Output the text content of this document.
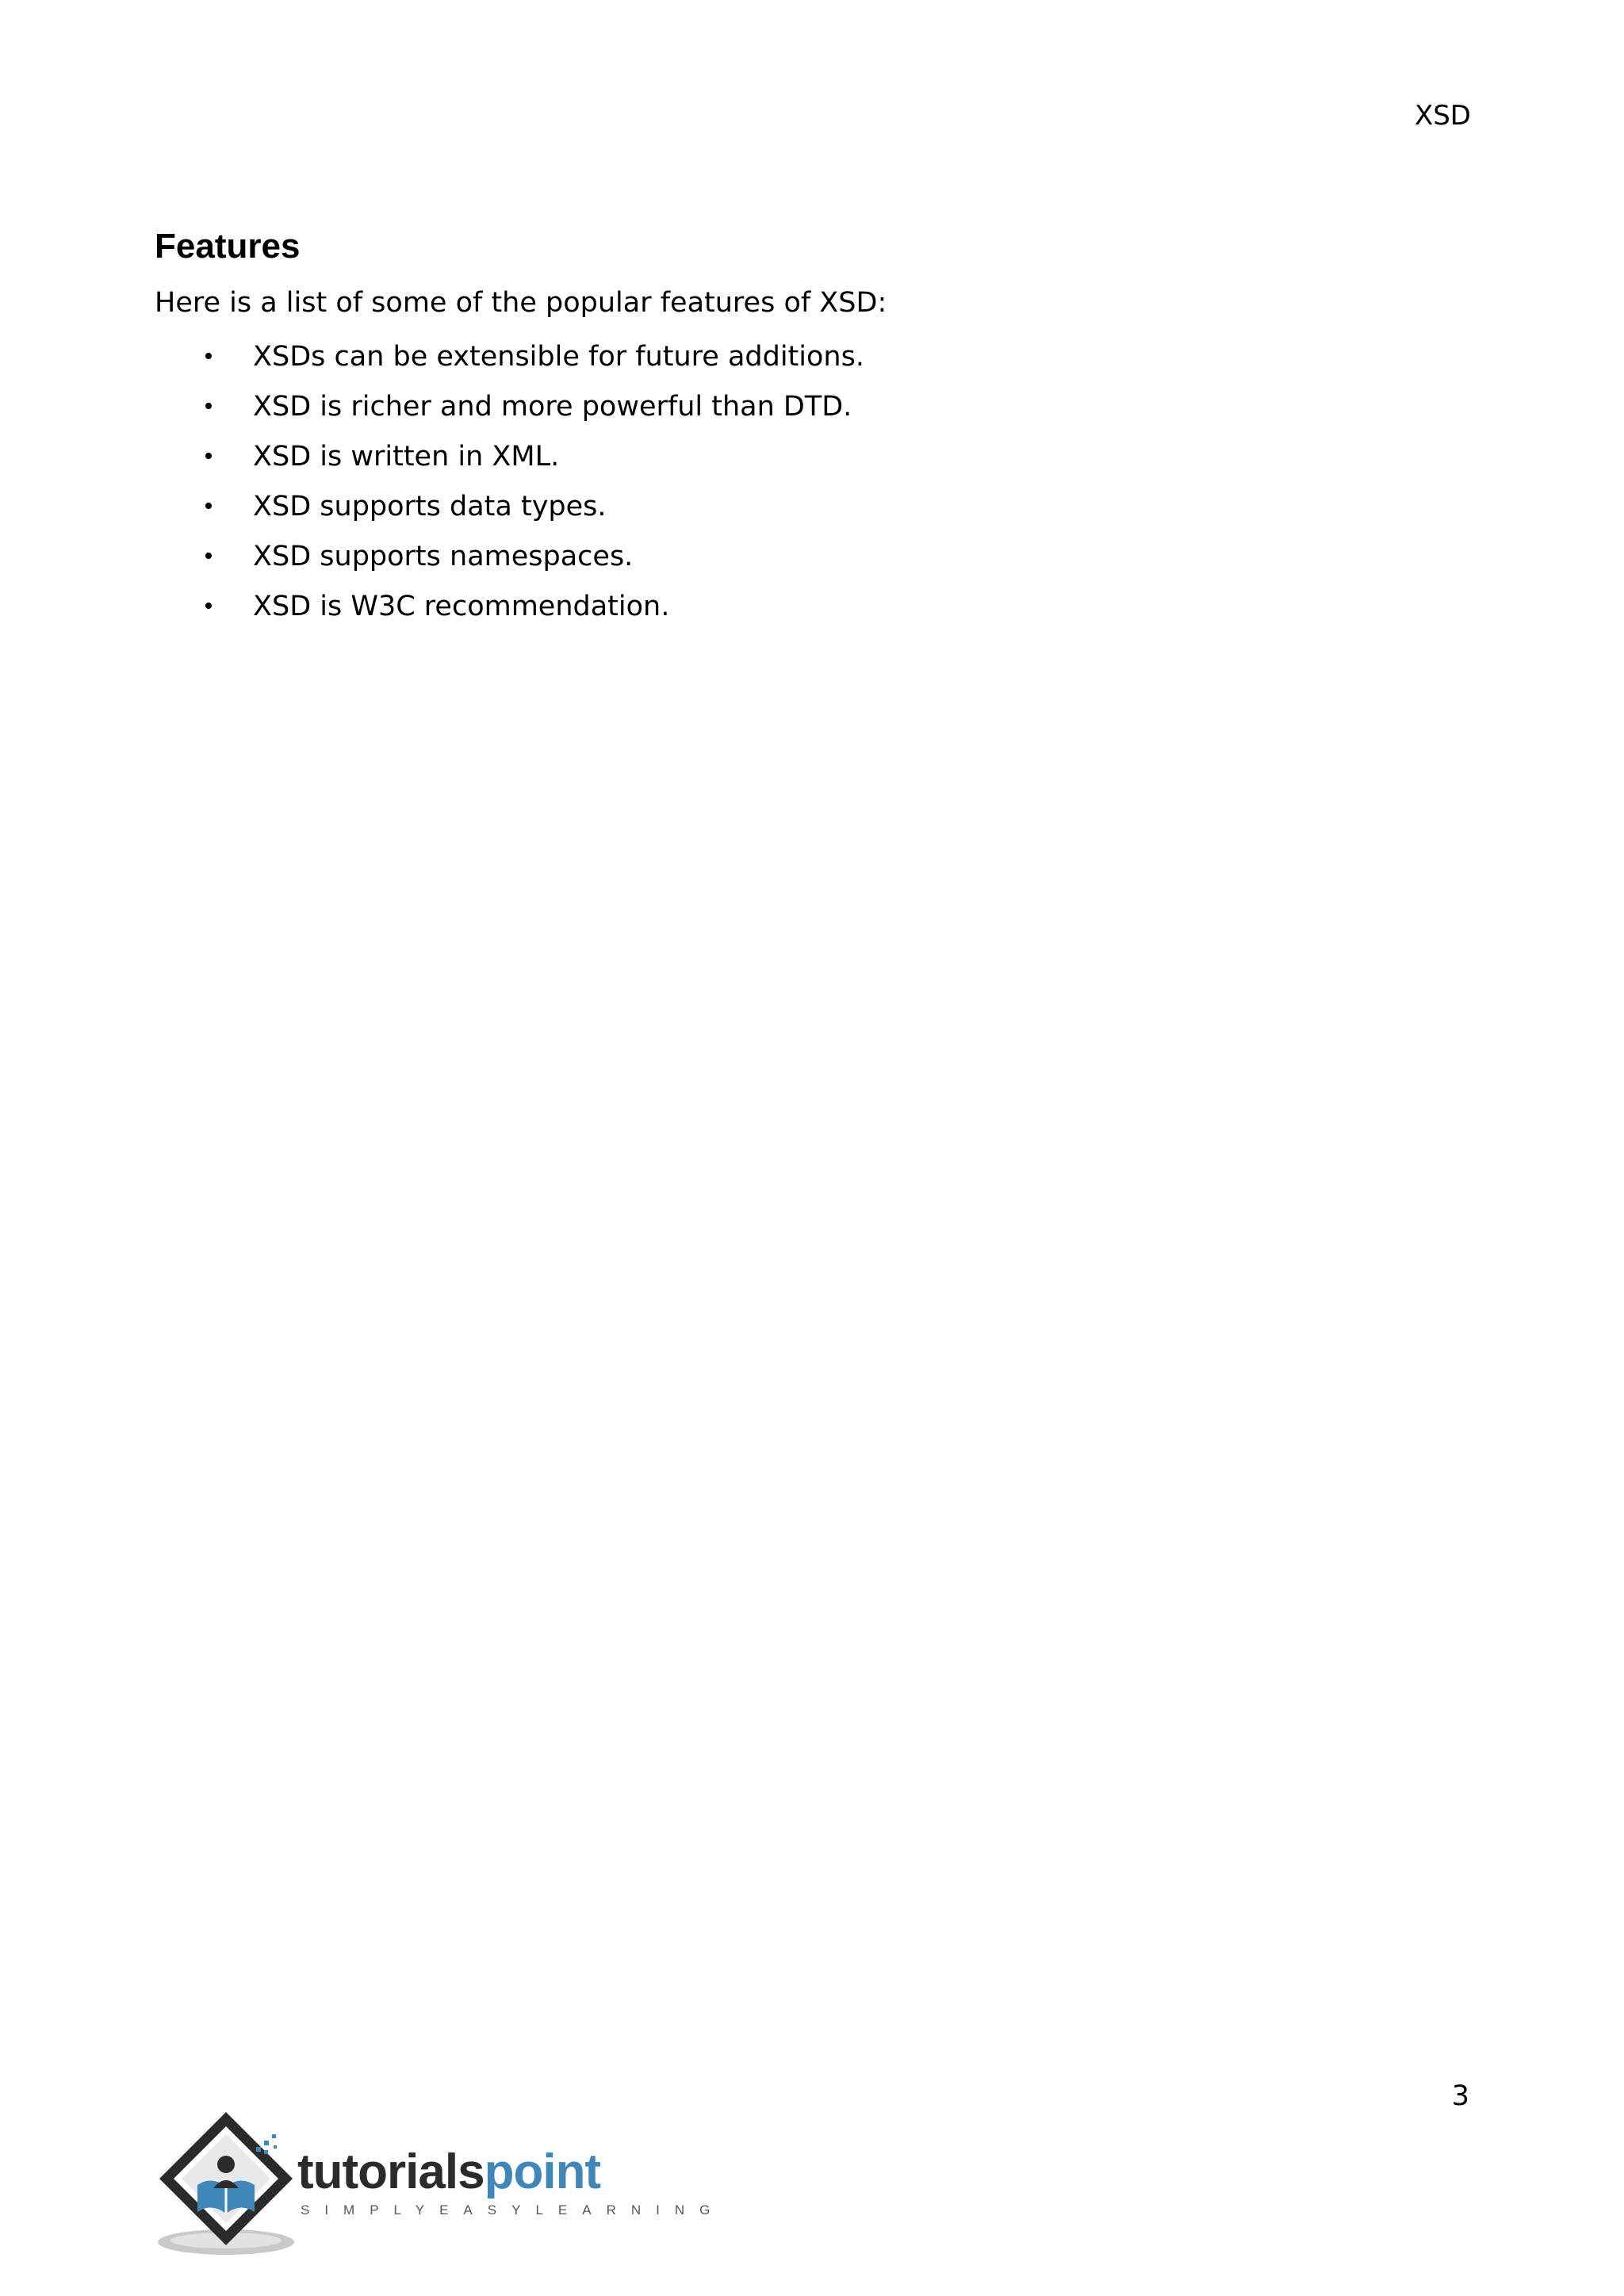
XSD
Features

Here is a list of some of the popular features of XSD:

• XSDs can be extensible for future additions.
• XSD is richer and more powerful than DTD.
• XSD is written in XML.
• XSD supports data types.
• XSD supports namespaces.
• XSD is W3C recommendation.
3
tutorialspoint
SIMPLYEASYLEARNING
